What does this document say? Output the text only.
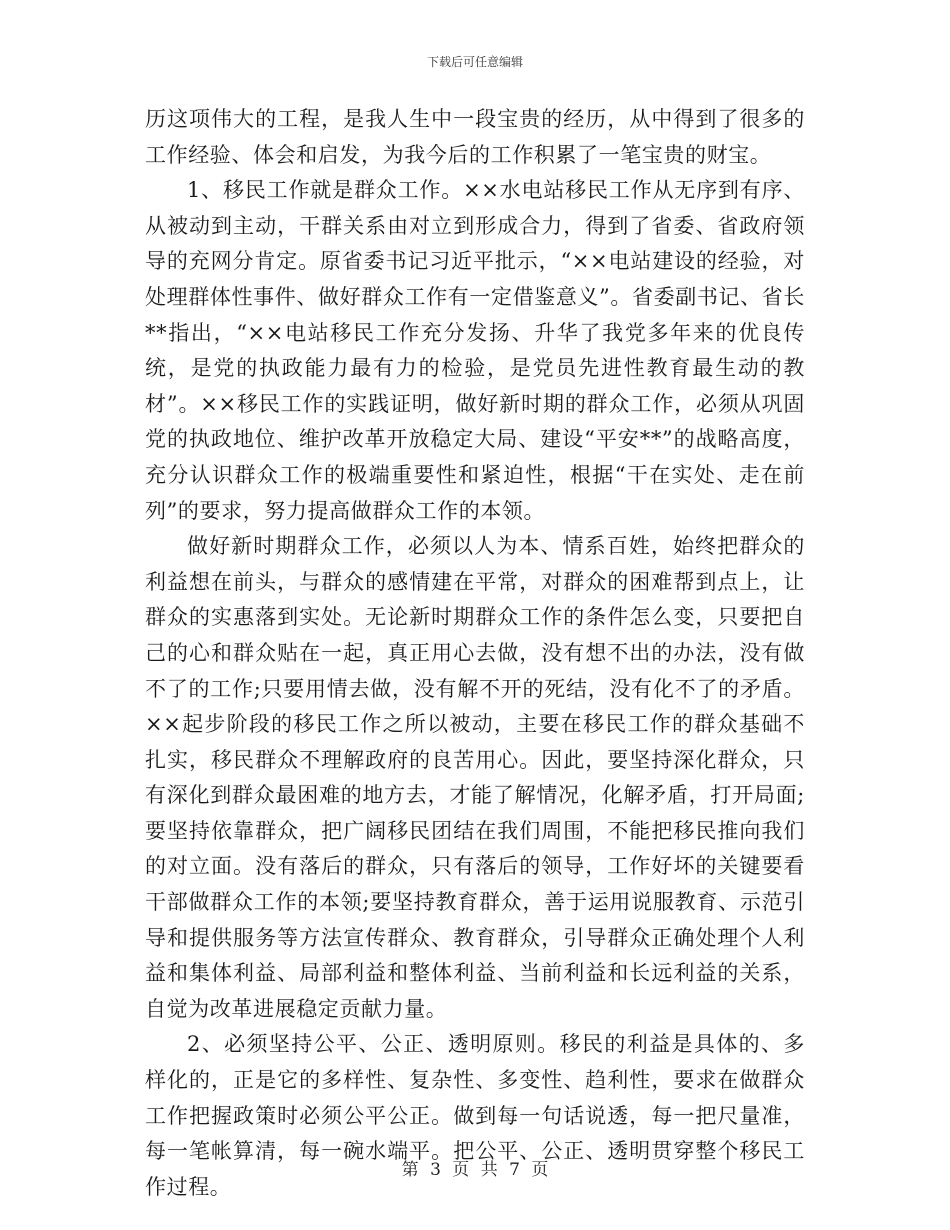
下载后可任意编辑

历这项伟大的工程，是我人生中一段宝贵的经历，从中得到了很多的工作经验、体会和启发，为我今后的工作积累了一笔宝贵的财宝。

1、移民工作就是群众工作。××水电站移民工作从无序到有序、从被动到主动，干群关系由对立到形成合力，得到了省委、省政府领导的充网分肯定。原省委书记习近平批示，“××电站建设的经验，对处理群体性事件、做好群众工作有一定借鉴意义”。省委副书记、省长**指出，“××电站移民工作充分发扬、升华了我党多年来的优良传统，是党的执政能力最有力的检验，是党员先进性教育最生动的教材”。××移民工作的实践证明，做好新时期的群众工作，必须从巩固党的执政地位、维护改革开放稳定大局、建设“平安**”的战略高度，充分认识群众工作的极端重要性和紧迫性，根据“干在实处、走在前列”的要求，努力提高做群众工作的本领。

做好新时期群众工作，必须以人为本、情系百姓，始终把群众的利益想在前头，与群众的感情建在平常，对群众的困难帮到点上，让群众的实惠落到实处。无论新时期群众工作的条件怎么变，只要把自己的心和群众贴在一起，真正用心去做，没有想不出的办法，没有做不了的工作;只要用情去做，没有解不开的死结，没有化不了的矛盾。××起步阶段的移民工作之所以被动，主要在移民工作的群众基础不扎实，移民群众不理解政府的良苦用心。因此，要坚持深化群众，只有深化到群众最困难的地方去，才能了解情况，化解矛盾，打开局面;要坚持依靠群众，把广阔移民团结在我们周围，不能把移民推向我们的对立面。没有落后的群众，只有落后的领导，工作好坏的关键要看干部做群众工作的本领;要坚持教育群众，善于运用说服教育、示范引导和提供服务等方法宣传群众、教育群众，引导群众正确处理个人利益和集体利益、局部利益和整体利益、当前利益和长远利益的关系，自觉为改革进展稳定贡献力量。

2、必须坚持公平、公正、透明原则。移民的利益是具体的、多样化的，正是它的多样性、复杂性、多变性、趋利性，要求在做群众工作把握政策时必须公平公正。做到每一句话说透，每一把尺量准，每一笔帐算清，每一碗水端平。把公平、公正、透明贯穿整个移民工作过程。

第 3 页 共 7 页
